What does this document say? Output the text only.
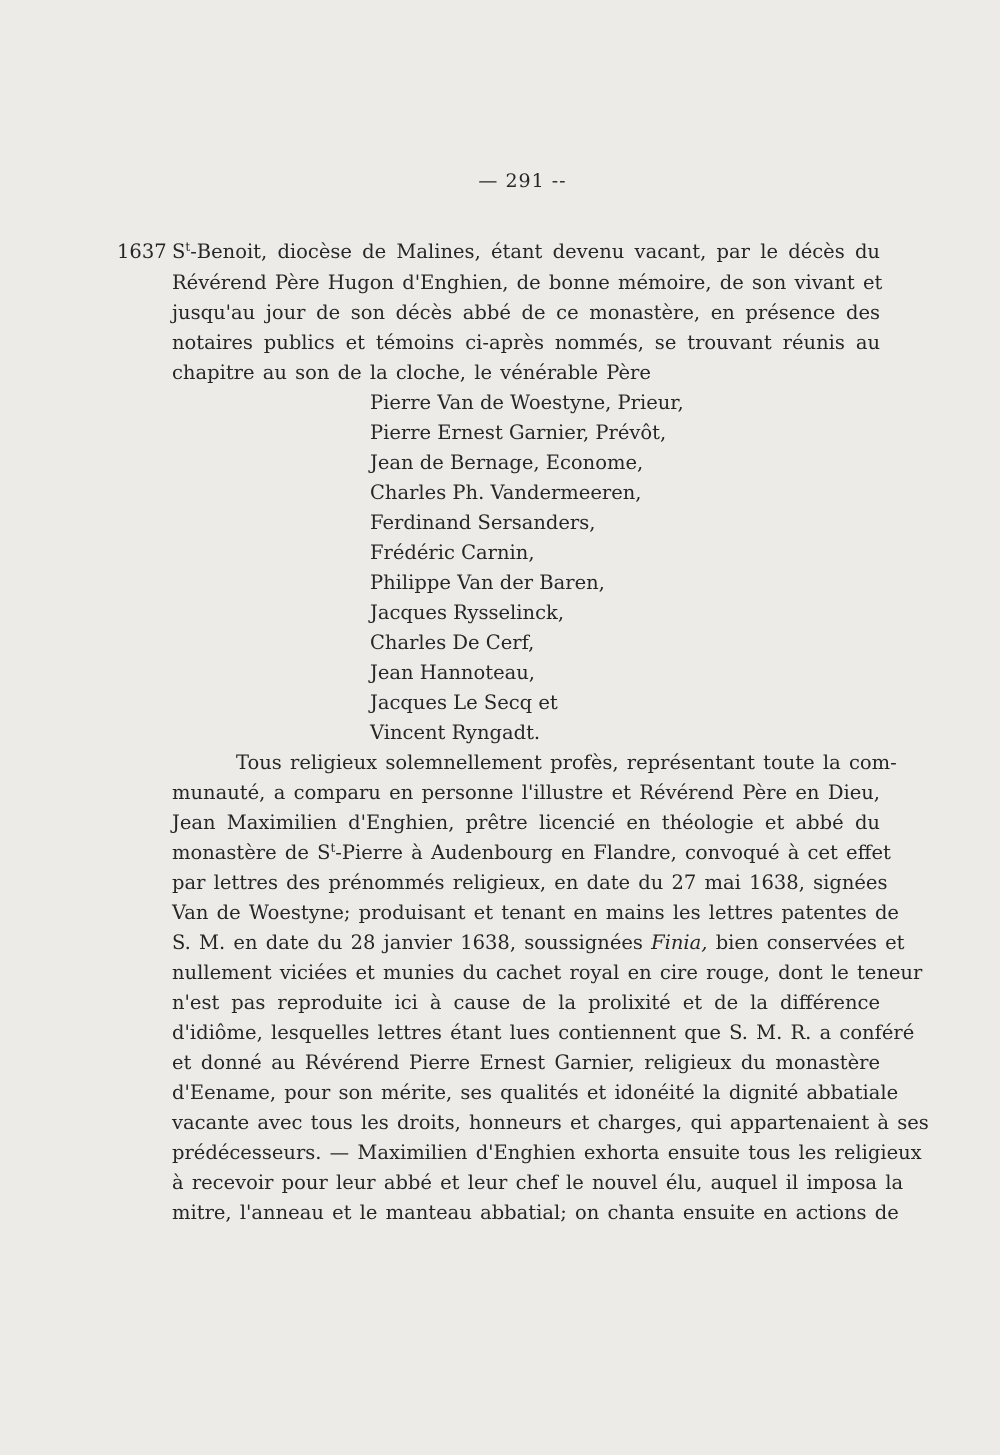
— 291 --
1637 $S^t$-Benoit, diocèse de Malines, étant devenu vacant, par le décès du
Révérend Père Hugon d'Enghien, de bonne mémoire, de son vivant et
jusqu'au jour de son décès abbé de ce monastère, en présence des
notaires publics et témoins ci-après nommés, se trouvant réunis au
chapitre au son de la cloche, le vénérable Père
Pierre Van de Woestyne, Prieur,
Pierre Ernest Garnier, Prévôt,
Jean de Bernage, Econome,
Charles Ph. Vandermeeren,
Ferdinand Sersanders,
Frédéric Carnin,
Philippe Van der Baren,
Jacques Rysselinck,
Charles De Cerf,
Jean Hannoteau,
Jacques Le Secq et
Vincent Ryngadt.
Tous religieux solemnellement profès, représentant toute la com-
munauté, a comparu en personne l'illustre et Révérend Père en Dieu,
Jean Maximilien d'Enghien, prêtre licencié en théologie et abbé du
monastère de $S^t$-Pierre à Audenbourg en Flandre, convoqué à cet effet
par lettres des prénommés religieux, en date du 27 mai 1638, signées
Van de Woestyne; produisant et tenant en mains les lettres patentes de
S. M. en date du 28 janvier 1638, soussignées Finia, bien conservées et
nullement viciées et munies du cachet royal en cire rouge, dont le teneur
n'est pas reproduite ici à cause de la prolixité et de la différence
d'idiôme, lesquelles lettres étant lues contiennent que S. M. R. a conféré
et donné au Révérend Pierre Ernest Garnier, religieux du monastère
d'Eename, pour son mérite, ses qualités et idonéité la dignité abbatiale
vacante avec tous les droits, honneurs et charges, qui appartenaient à ses
prédécesseurs. — Maximilien d'Enghien exhorta ensuite tous les religieux
à recevoir pour leur abbé et leur chef le nouvel élu, auquel il imposa la
mitre, l'anneau et le manteau abbatial; on chanta ensuite en actions de
